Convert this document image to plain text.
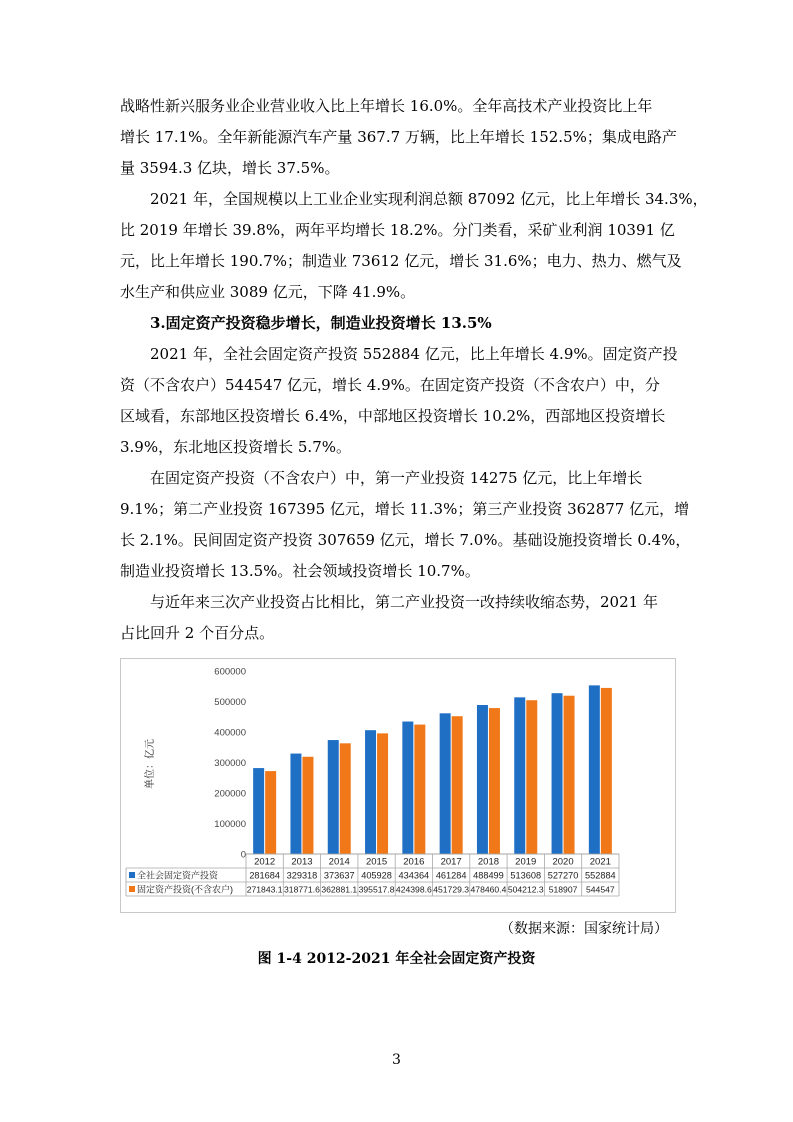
战略性新兴服务业企业营业收入比上年增长 16.0%。全年高技术产业投资比上年

增长 17.1%。全年新能源汽车产量 367.7 万辆，比上年增长 152.5%；集成电路产

量 3594.3 亿块，增长 37.5%。

2021 年，全国规模以上工业企业实现利润总额 87092 亿元，比上年增长 34.3%，

比 2019 年增长 39.8%，两年平均增长 18.2%。分门类看，采矿业利润 10391 亿

元，比上年增长 190.7%；制造业 73612 亿元，增长 31.6%；电力、热力、燃气及

水生产和供应业 3089 亿元，下降 41.9%。

3.固定资产投资稳步增长，制造业投资增长 13.5%

2021 年，全社会固定资产投资 552884 亿元，比上年增长 4.9%。固定资产投

资（不含农户）544547 亿元，增长 4.9%。在固定资产投资（不含农户）中，分

区域看，东部地区投资增长 6.4%，中部地区投资增长 10.2%，西部地区投资增长

3.9%，东北地区投资增长 5.7%。

在固定资产投资（不含农户）中，第一产业投资 14275 亿元，比上年增长

9.1%；第二产业投资 167395 亿元，增长 11.3%；第三产业投资 362877 亿元，增

长 2.1%。民间固定资产投资 307659 亿元，增长 7.0%。基础设施投资增长 0.4%，

制造业投资增长 13.5%。社会领域投资增长 10.7%。

与近年来三次产业投资占比相比，第二产业投资一改持续收缩态势，2021 年

占比回升 2 个百分点。

0
100000
200000
300000
400000
500000
600000
单位：亿元
2012 2013 2014 2015 2016 2017 2018 2019 2020 2021
全社会固定资产投资	281684 329318 373637 405928 434364 461284 488499 513608 527270 552884
固定资产投资(不含农户) 271843.1 318771.6 362881.1 395517.8 424398.6 451729.3 478460.4 504212.3 518907 544547
（数据来源：国家统计局）
图 1-4 2012-2021 年全社会固定资产投资
3
